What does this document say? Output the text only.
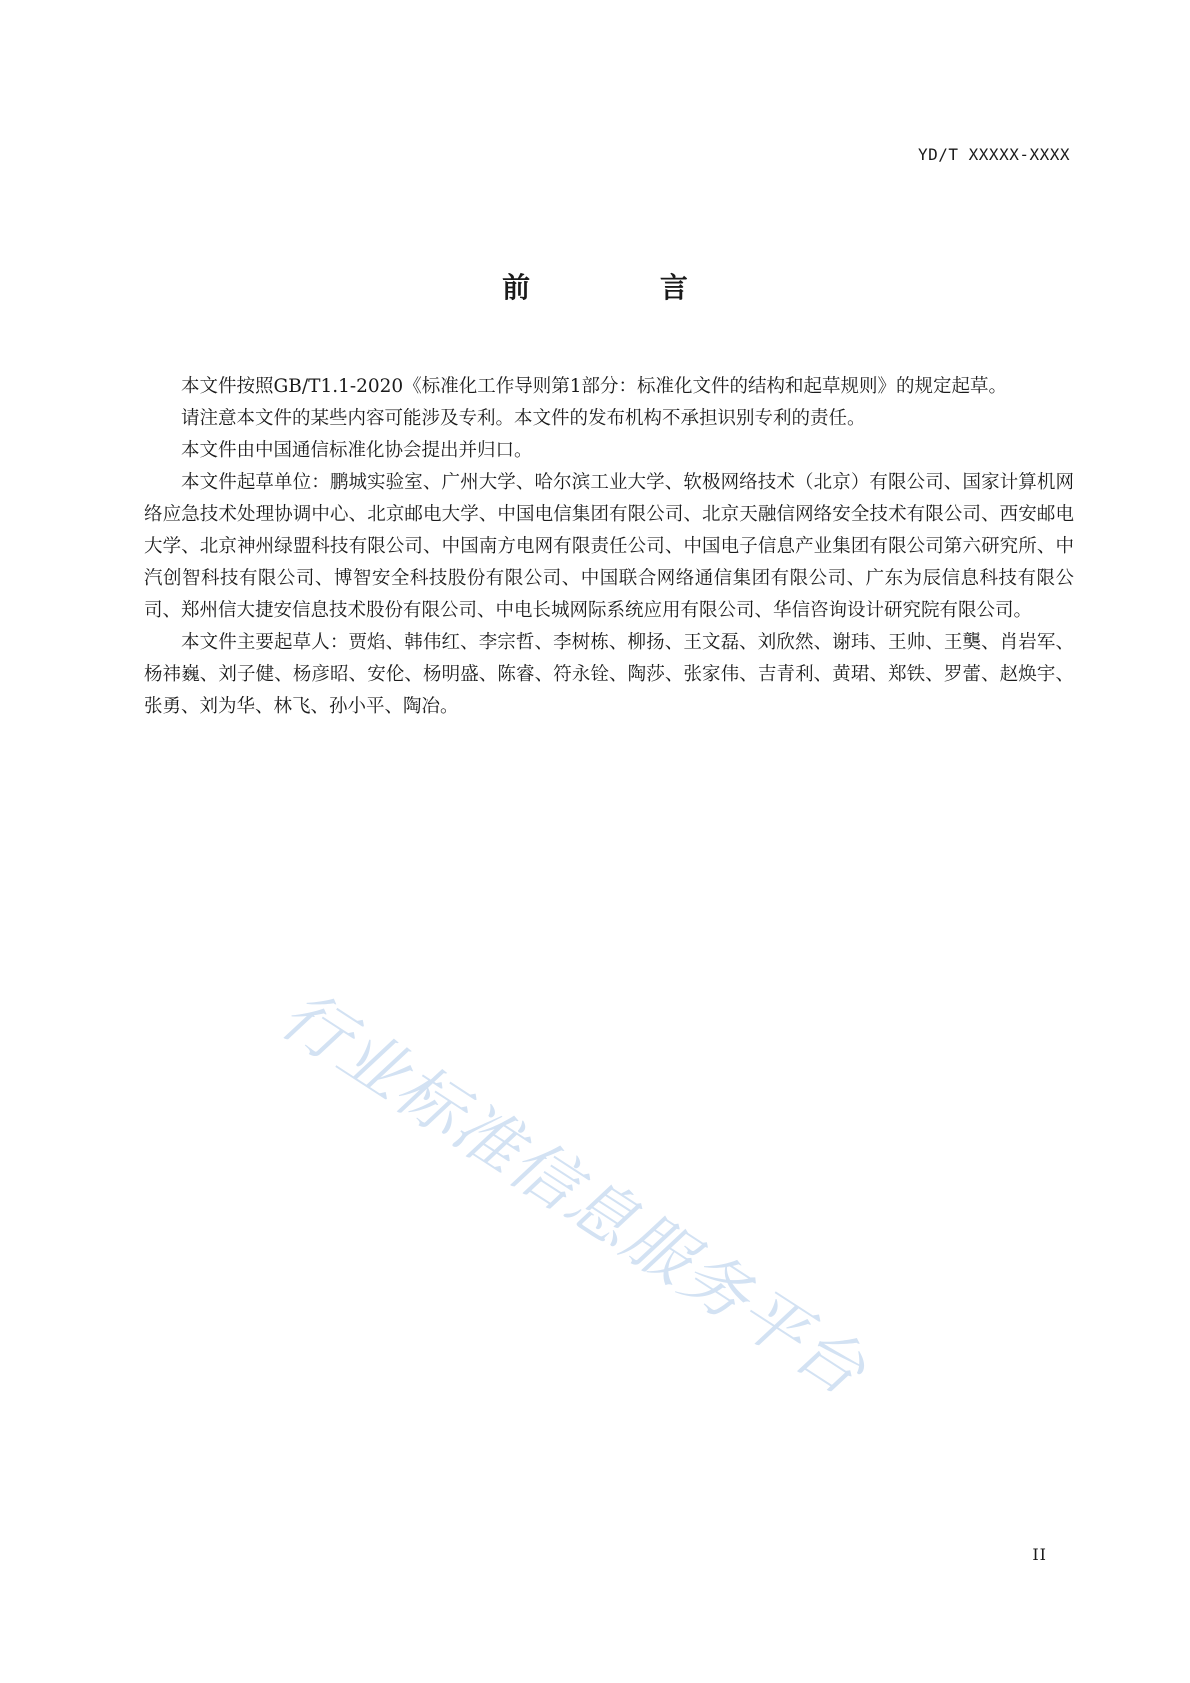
YD/T XXXXX-XXXX
前 言

本文件按照GB/T1.1-2020《标准化工作导则第1部分：标准化文件的结构和起草规则》的规定起草。

请注意本文件的某些内容可能涉及专利。本文件的发布机构不承担识别专利的责任。

本文件由中国通信标准化协会提出并归口。

本文件起草单位：鹏城实验室、广州大学、哈尔滨工业大学、软极网络技术（北京）有限公司、国家计算机网络应急技术处理协调中心、北京邮电大学、中国电信集团有限公司、北京天融信网络安全技术有限公司、西安邮电大学、北京神州绿盟科技有限公司、中国南方电网有限责任公司、中国电子信息产业集团有限公司第六研究所、中汽创智科技有限公司、博智安全科技股份有限公司、中国联合网络通信集团有限公司、广东为辰信息科技有限公司、郑州信大捷安信息技术股份有限公司、中电长城网际系统应用有限公司、华信咨询设计研究院有限公司。

本文件主要起草人：贾焰、韩伟红、李宗哲、李树栋、柳扬、王文磊、刘欣然、谢玮、王帅、王龑、肖岩军、杨祎巍、刘子健、杨彦昭、安伦、杨明盛、陈睿、符永铨、陶莎、张家伟、吉青利、黄珺、郑铁、罗蕾、赵焕宇、张勇、刘为华、林飞、孙小平、陶冶。

行业标准信息服务平台
II
